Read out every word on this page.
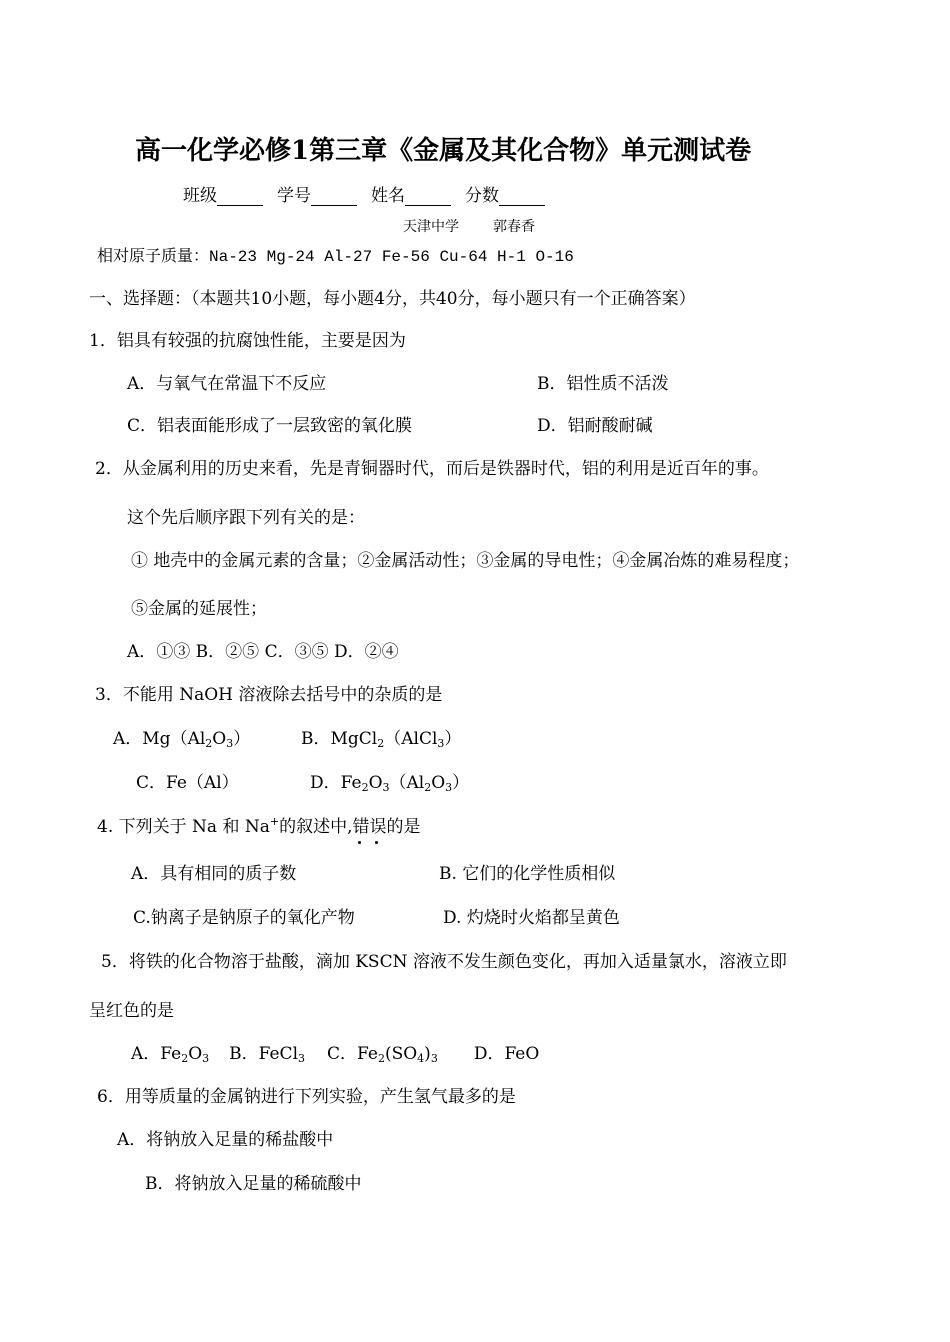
高一化学必修1第三章《金属及其化合物》单元测试卷
班级	学号	姓名	分数
天津中学 郭春香
相对原子质量：Na-23 Mg-24 Al-27 Fe-56 Cu-64 H-1 O-16
一、选择题：（本题共10小题，每小题4分，共40分，每小题只有一个正确答案）
1．铝具有较强的抗腐蚀性能，主要是因为
A．与氧气在常温下不反应	B．铝性质不活泼
C．铝表面能形成了一层致密的氧化膜	D．铝耐酸耐碱
2．从金属利用的历史来看，先是青铜器时代，而后是铁器时代，铝的利用是近百年的事。
这个先后顺序跟下列有关的是：
① 地壳中的金属元素的含量；②金属活动性；③金属的导电性；④金属冶炼的难易程度；
⑤金属的延展性；
A．①③ B．②⑤ C．③⑤ D．②④
3．不能用 NaOH 溶液除去括号中的杂质的是
A．$Mg(Al_2O_3)$	B．MgCl$_2$（AlCl$_3$）
C．Fe（Al）	D．$Fe_2O_3(Al_2O_3)$
4. 下列关于 Na 和 Na+的叙述中,错误
的是
A．具有相同的质子数	B. 它们的化学性质相似
C.钠离子是钠原子的氧化产物	D. 灼烧时火焰都呈黄色
5．将铁的化合物溶于盐酸，滴加 KSCN 溶液不发生颜色变化，再加入适量氯水，溶液立即
呈红色的是
A．$Fe_2O_3$ B．FeCl$_3$ C．$Fe_2(SO_4)_3$ D．FeO
6．用等质量的金属钠进行下列实验，产生氢气最多的是
A．将钠放入足量的稀盐酸中
B．将钠放入足量的稀硫酸中
